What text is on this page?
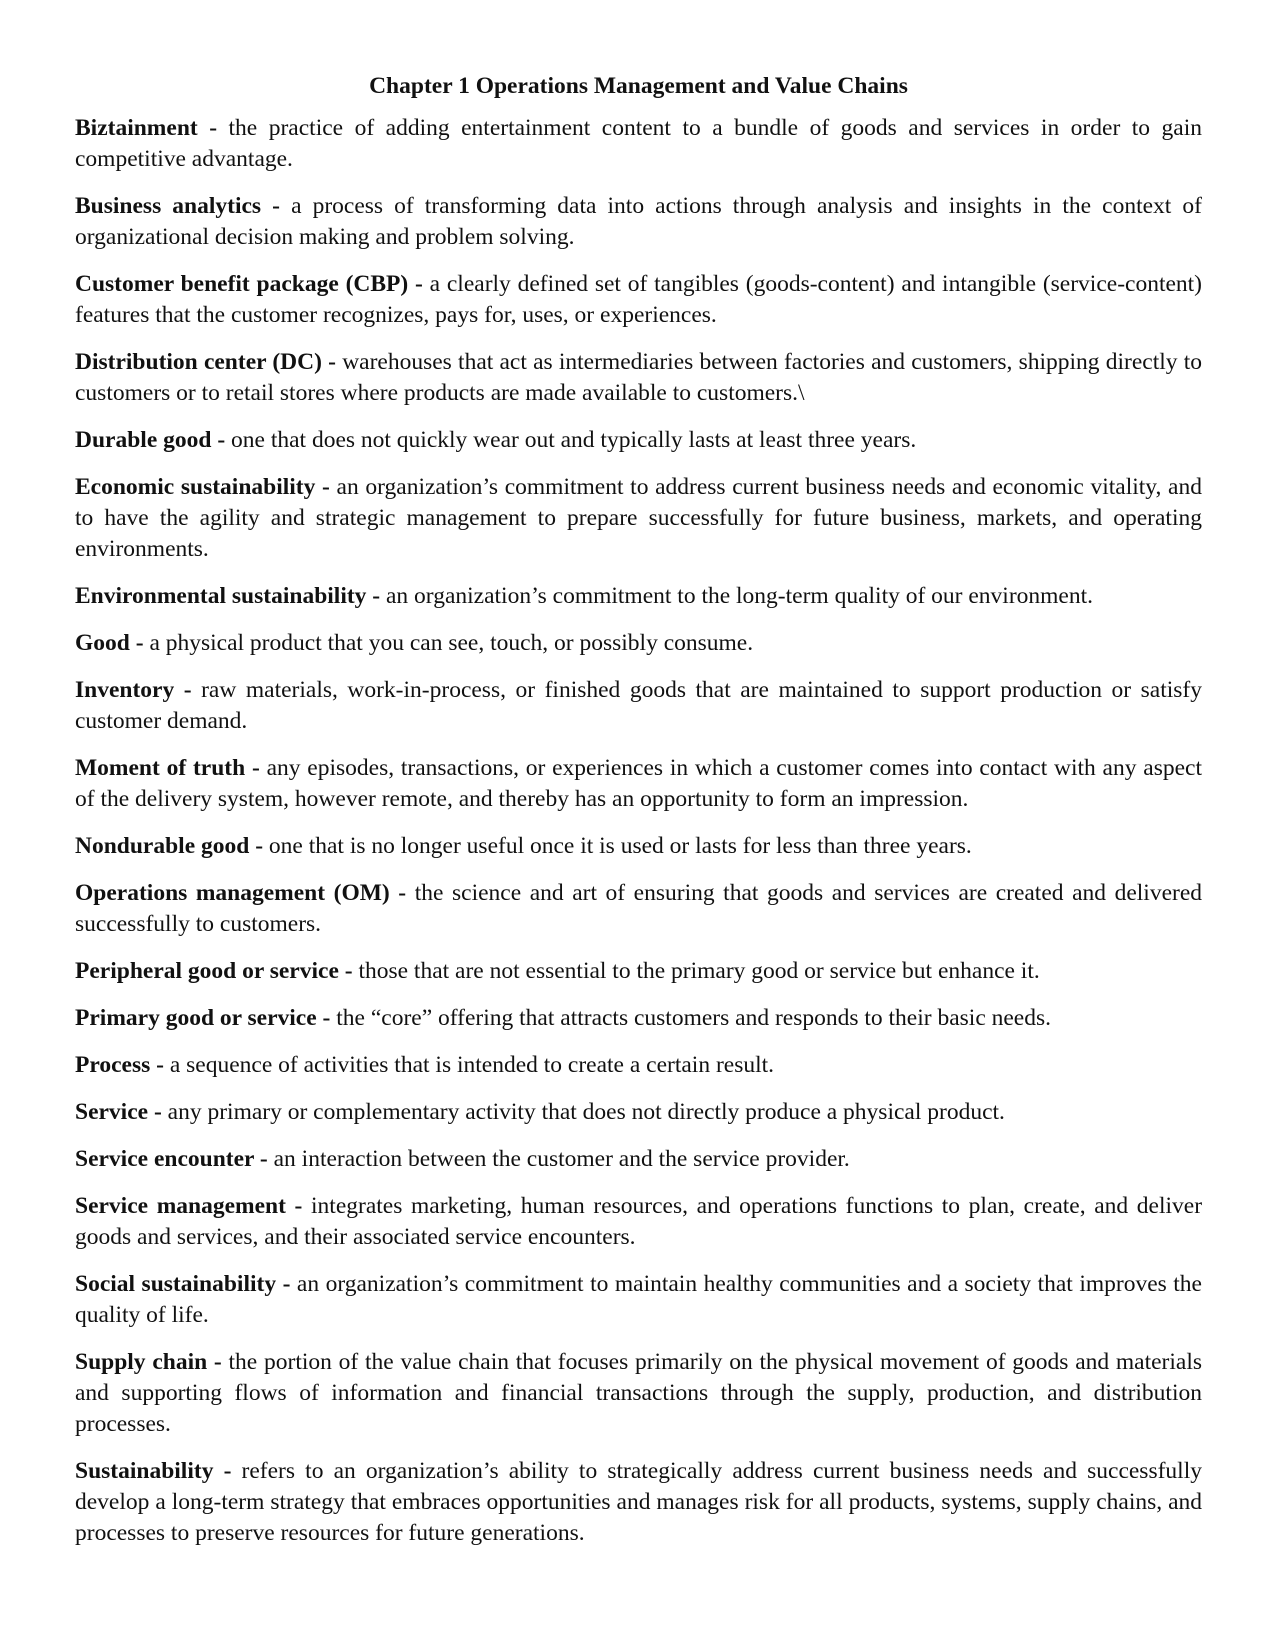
Chapter 1 Operations Management and Value Chains

Biztainment - the practice of adding entertainment content to a bundle of goods and services in order to gain competitive advantage.

Business analytics - a process of transforming data into actions through analysis and insights in the context of organizational decision making and problem solving.

Customer benefit package (CBP) - a clearly defined set of tangibles (goods-content) and intangible (service-content) features that the customer recognizes, pays for, uses, or experiences.

Distribution center (DC) - warehouses that act as intermediaries between factories and customers, shipping directly to customers or to retail stores where products are made available to customers.\

Durable good - one that does not quickly wear out and typically lasts at least three years.

Economic sustainability - an organization’s commitment to address current business needs and economic vitality, and to have the agility and strategic management to prepare successfully for future business, markets, and operating environments.

Environmental sustainability - an organization’s commitment to the long-term quality of our environment.

Good - a physical product that you can see, touch, or possibly consume.

Inventory - raw materials, work-in-process, or finished goods that are maintained to support production or satisfy customer demand.

Moment of truth - any episodes, transactions, or experiences in which a customer comes into contact with any aspect of the delivery system, however remote, and thereby has an opportunity to form an impression.

Nondurable good - one that is no longer useful once it is used or lasts for less than three years.

Operations management (OM) - the science and art of ensuring that goods and services are created and delivered successfully to customers.

Peripheral good or service - those that are not essential to the primary good or service but enhance it.

Primary good or service - the “core” offering that attracts customers and responds to their basic needs.

Process - a sequence of activities that is intended to create a certain result.

Service - any primary or complementary activity that does not directly produce a physical product.

Service encounter - an interaction between the customer and the service provider.

Service management - integrates marketing, human resources, and operations functions to plan, create, and deliver goods and services, and their associated service encounters.

Social sustainability - an organization’s commitment to maintain healthy communities and a society that improves the quality of life.

Supply chain - the portion of the value chain that focuses primarily on the physical movement of goods and materials and supporting flows of information and financial transactions through the supply, production, and distribution processes.

Sustainability - refers to an organization’s ability to strategically address current business needs and successfully develop a long-term strategy that embraces opportunities and manages risk for all products, systems, supply chains, and processes to preserve resources for future generations.
